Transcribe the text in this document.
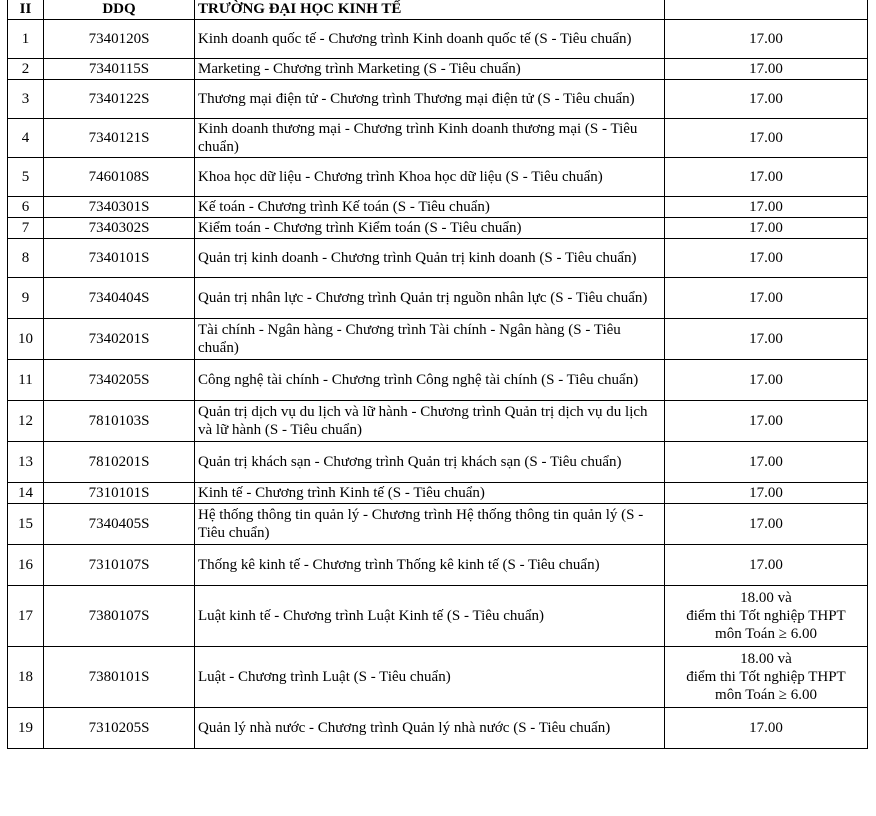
II	DDQ	TRƯỜNG ĐẠI HỌC KINH TẾ	
1	7340120S	Kinh doanh quốc tế - Chương trình Kinh doanh quốc tế (S - Tiêu chuẩn)	17.00
2	7340115S	Marketing - Chương trình Marketing (S - Tiêu chuẩn)	17.00
3	7340122S	Thương mại điện tử - Chương trình Thương mại điện tử (S - Tiêu chuẩn)	17.00
4	7340121S	Kinh doanh thương mại - Chương trình Kinh doanh thương mại (S - Tiêu chuẩn)	17.00
5	7460108S	Khoa học dữ liệu - Chương trình Khoa học dữ liệu (S - Tiêu chuẩn)	17.00
6	7340301S	Kế toán - Chương trình Kế toán (S - Tiêu chuẩn)	17.00
7	7340302S	Kiểm toán - Chương trình Kiểm toán (S - Tiêu chuẩn)	17.00
8	7340101S	Quản trị kinh doanh - Chương trình Quản trị kinh doanh (S - Tiêu chuẩn)	17.00
9	7340404S	Quản trị nhân lực - Chương trình Quản trị nguồn nhân lực (S - Tiêu chuẩn)	17.00
10	7340201S	Tài chính - Ngân hàng - Chương trình Tài chính - Ngân hàng (S - Tiêu chuẩn)	17.00
11	7340205S	Công nghệ tài chính - Chương trình Công nghệ tài chính (S - Tiêu chuẩn)	17.00
12	7810103S	Quản trị dịch vụ du lịch và lữ hành - Chương trình Quản trị dịch vụ du lịch và lữ hành (S - Tiêu chuẩn)	17.00
13	7810201S	Quản trị khách sạn - Chương trình Quản trị khách sạn (S - Tiêu chuẩn)	17.00
14	7310101S	Kinh tế - Chương trình Kinh tế (S - Tiêu chuẩn)	17.00
15	7340405S	Hệ thống thông tin quản lý - Chương trình Hệ thống thông tin quản lý (S - Tiêu chuẩn)	17.00
16	7310107S	Thống kê kinh tế - Chương trình Thống kê kinh tế (S - Tiêu chuẩn)	17.00
17	7380107S	Luật kinh tế - Chương trình Luật Kinh tế (S - Tiêu chuẩn)	18.00 và
điểm thi Tốt nghiệp THPT
môn Toán ≥ 6.00
18	7380101S	Luật - Chương trình Luật (S - Tiêu chuẩn)	18.00 và
điểm thi Tốt nghiệp THPT
môn Toán ≥ 6.00
19	7310205S	Quản lý nhà nước - Chương trình Quản lý nhà nước (S - Tiêu chuẩn)	17.00
